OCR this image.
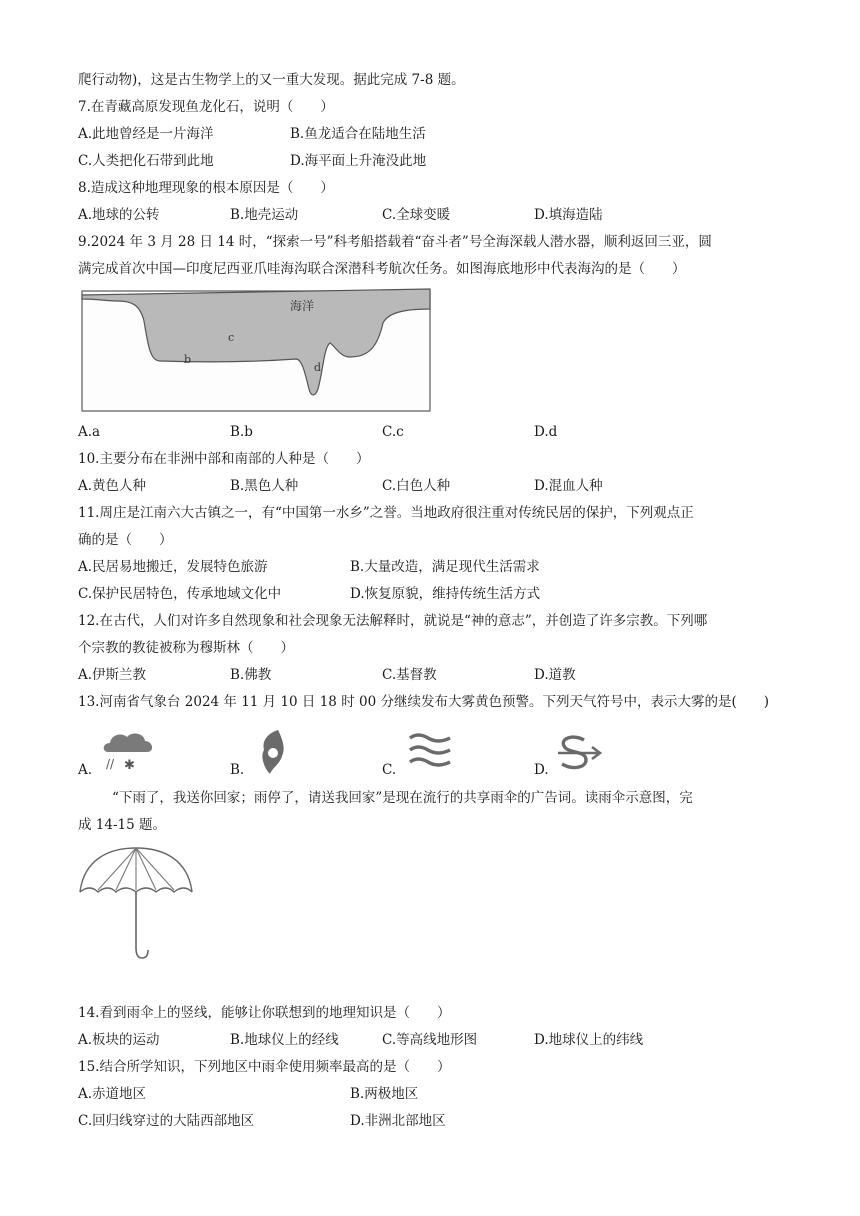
爬行动物)，这是古生物学上的又一重大发现。据此完成 7-8 题。
7.在青藏高原发现鱼龙化石，说明（　　）
A.此地曾经是一片海洋	B.鱼龙适合在陆地生活
C.人类把化石带到此地	D.海平面上升淹没此地
8.造成这种地理现象的根本原因是（　　）
A.地球的公转	B.地壳运动	C.全球变暖	D.填海造陆
9.2024 年 3 月 28 日 14 时，“探索一号”科考船搭载着“奋斗者”号全海深载人潜水器，顺利返回三亚，圆
满完成首次中国—印度尼西亚爪哇海沟联合深潜科考航次任务。如图海底地形中代表海沟的是（　　）
海洋
b
c
d
A.a	B.b	C.c	D.d
10.主要分布在非洲中部和南部的人种是（　　）
A.黄色人种	B.黑色人种	C.白色人种	D.混血人种
11.周庄是江南六大古镇之一，有“中国第一水乡”之誉。当地政府很注重对传统民居的保护，下列观点正
确的是（　　）
A.民居易地搬迁，发展特色旅游	B.大量改造，满足现代生活需求
C.保护民居特色，传承地域文化中	D.恢复原貌，维持传统生活方式
12.在古代，人们对许多自然现象和社会现象无法解释时，就说是“神的意志”，并创造了许多宗教。下列哪
个宗教的教徒被称为穆斯林（　　）
A.伊斯兰教	B.佛教	C.基督教	D.道教
13.河南省气象台 2024 年 11 月 10 日 18 时 00 分继续发布大雾黄色预警。下列天气符号中，表示大雾的是(　　)
A. // ✱	B.	C.	D.
“下雨了，我送你回家；雨停了，请送我回家”是现在流行的共享雨伞的广告词。读雨伞示意图，完
成 14-15 题。
14.看到雨伞上的竖线，能够让你联想到的地理知识是（　　）
A.板块的运动	B.地球仪上的经线	C.等高线地形图	D.地球仪上的纬线
15.结合所学知识，下列地区中雨伞使用频率最高的是（　　）
A.赤道地区	B.两极地区
C.回归线穿过的大陆西部地区	D.非洲北部地区
